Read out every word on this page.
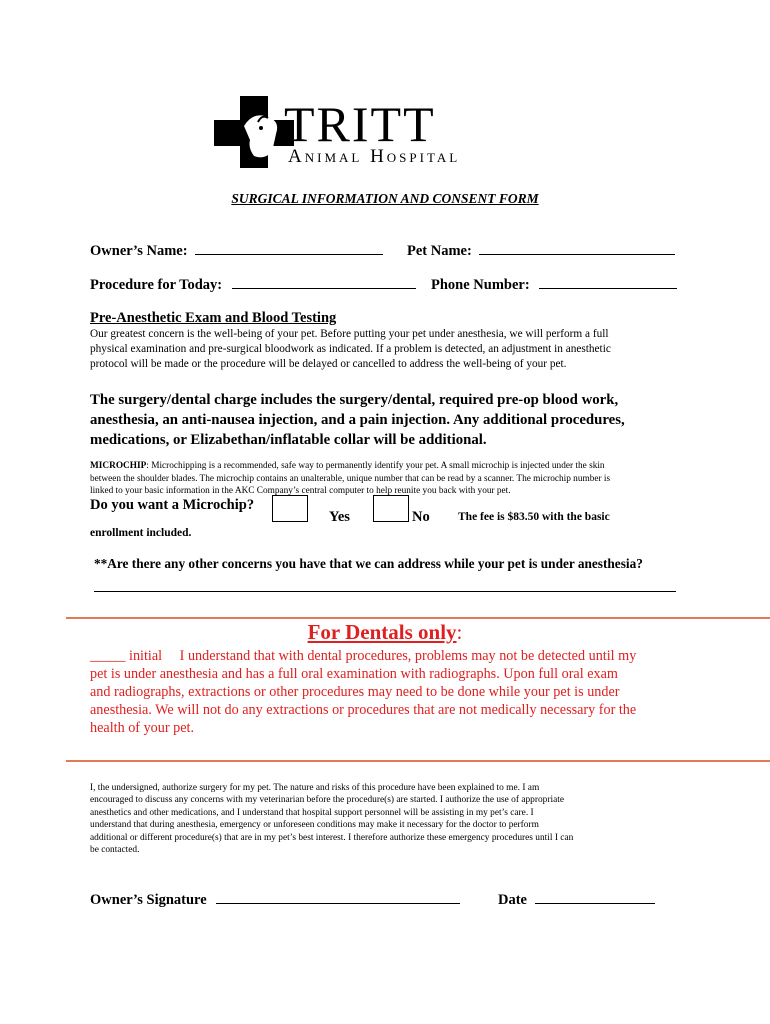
TRITT
Animal Hospital
SURGICAL INFORMATION AND CONSENT FORM
Owner’s Name:	Pet Name:
Procedure for Today:	Phone Number:
Pre-Anesthetic Exam and Blood Testing
Our greatest concern is the well-being of your pet. Before putting your pet under anesthesia, we will perform a full
physical examination and pre-surgical bloodwork as indicated. If a problem is detected, an adjustment in anesthetic
protocol will be made or the procedure will be delayed or cancelled to address the well-being of your pet.
The surgery/dental charge includes the surgery/dental, required pre-op blood work,
anesthesia, an anti-nausea injection, and a pain injection. Any additional procedures,
medications, or Elizabethan/inflatable collar will be additional.
MICROCHIP: Microchipping is a recommended, safe way to permanently identify your pet. A small microchip is injected under the skin
between the shoulder blades. The microchip contains an unalterable, unique number that can be read by a scanner. The microchip number is
linked to your basic information in the AKC Company’s central computer to help reunite you back with your pet.
Do you want a Microchip?
Yes	No The fee is $83.50 with the basic
enrollment included.
**Are there any other concerns you have that we can address while your pet is under anesthesia?
For Dentals only:
_____ initial I understand that with dental procedures, problems may not be detected until my
pet is under anesthesia and has a full oral examination with radiographs. Upon full oral exam
and radiographs, extractions or other procedures may need to be done while your pet is under
anesthesia. We will not do any extractions or procedures that are not medically necessary for the
health of your pet.
I, the undersigned, authorize surgery for my pet. The nature and risks of this procedure have been explained to me. I am
encouraged to discuss any concerns with my veterinarian before the procedure(s) are started. I authorize the use of appropriate
anesthetics and other medications, and I understand that hospital support personnel will be assisting in my pet’s care. I
understand that during anesthesia, emergency or unforeseen conditions may make it necessary for the doctor to perform
additional or different procedure(s) that are in my pet’s best interest. I therefore authorize these emergency procedures until I can
be contacted.
Owner’s Signature	Date
